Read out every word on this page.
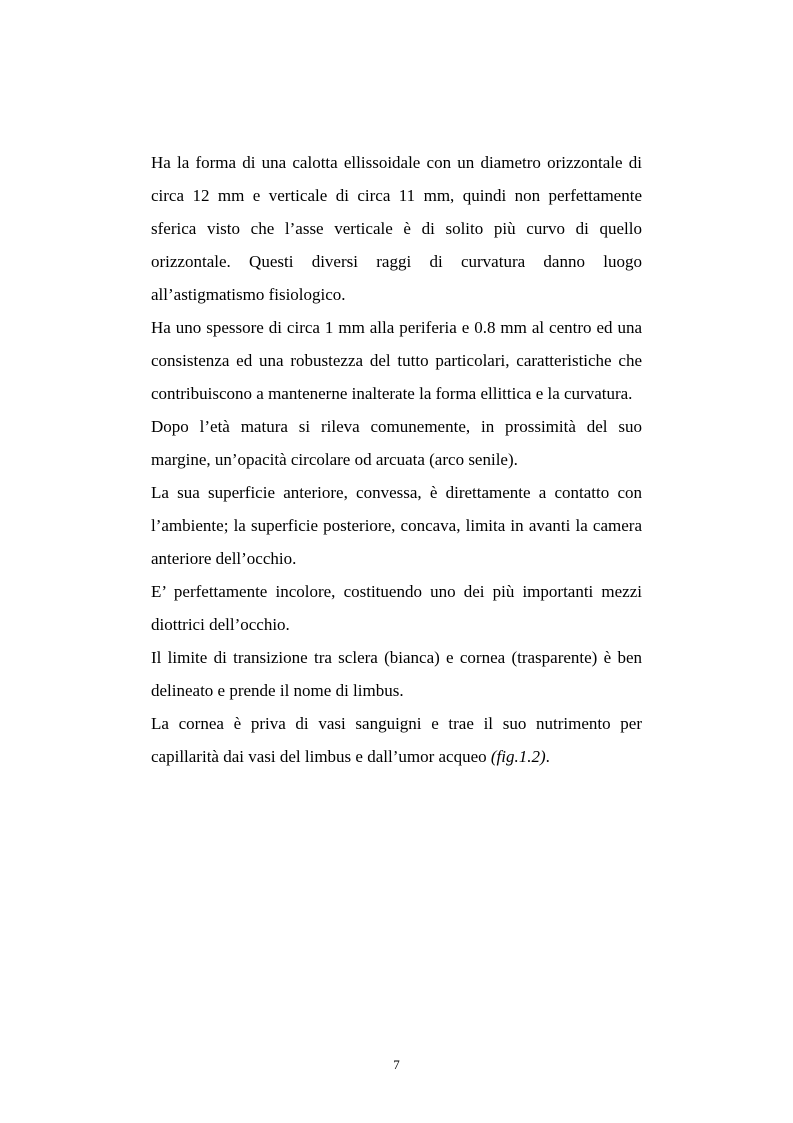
Ha la forma di una calotta ellissoidale con un diametro orizzontale di circa 12 mm e verticale di circa 11 mm, quindi non perfettamente sferica visto che l’asse verticale è di solito più curvo di quello orizzontale. Questi diversi raggi di curvatura danno luogo all’astigmatismo fisiologico.

Ha uno spessore di circa 1 mm alla periferia e 0.8 mm al centro ed una consistenza ed una robustezza del tutto particolari, caratteristiche che contribuiscono a mantenerne inalterate la forma ellittica e la curvatura.

Dopo l’età matura si rileva comunemente, in prossimità del suo margine, un’opacità circolare od arcuata (arco senile).

La sua superficie anteriore, convessa, è direttamente a contatto con l’ambiente; la superficie posteriore, concava, limita in avanti la camera anteriore dell’occhio.

E’ perfettamente incolore, costituendo uno dei più importanti mezzi diottrici dell’occhio.

Il limite di transizione tra sclera (bianca) e cornea (trasparente) è ben delineato e prende il nome di limbus.

La cornea è priva di vasi sanguigni e trae il suo nutrimento per capillarità dai vasi del limbus e dall’umor acqueo (fig.1.2).

7
